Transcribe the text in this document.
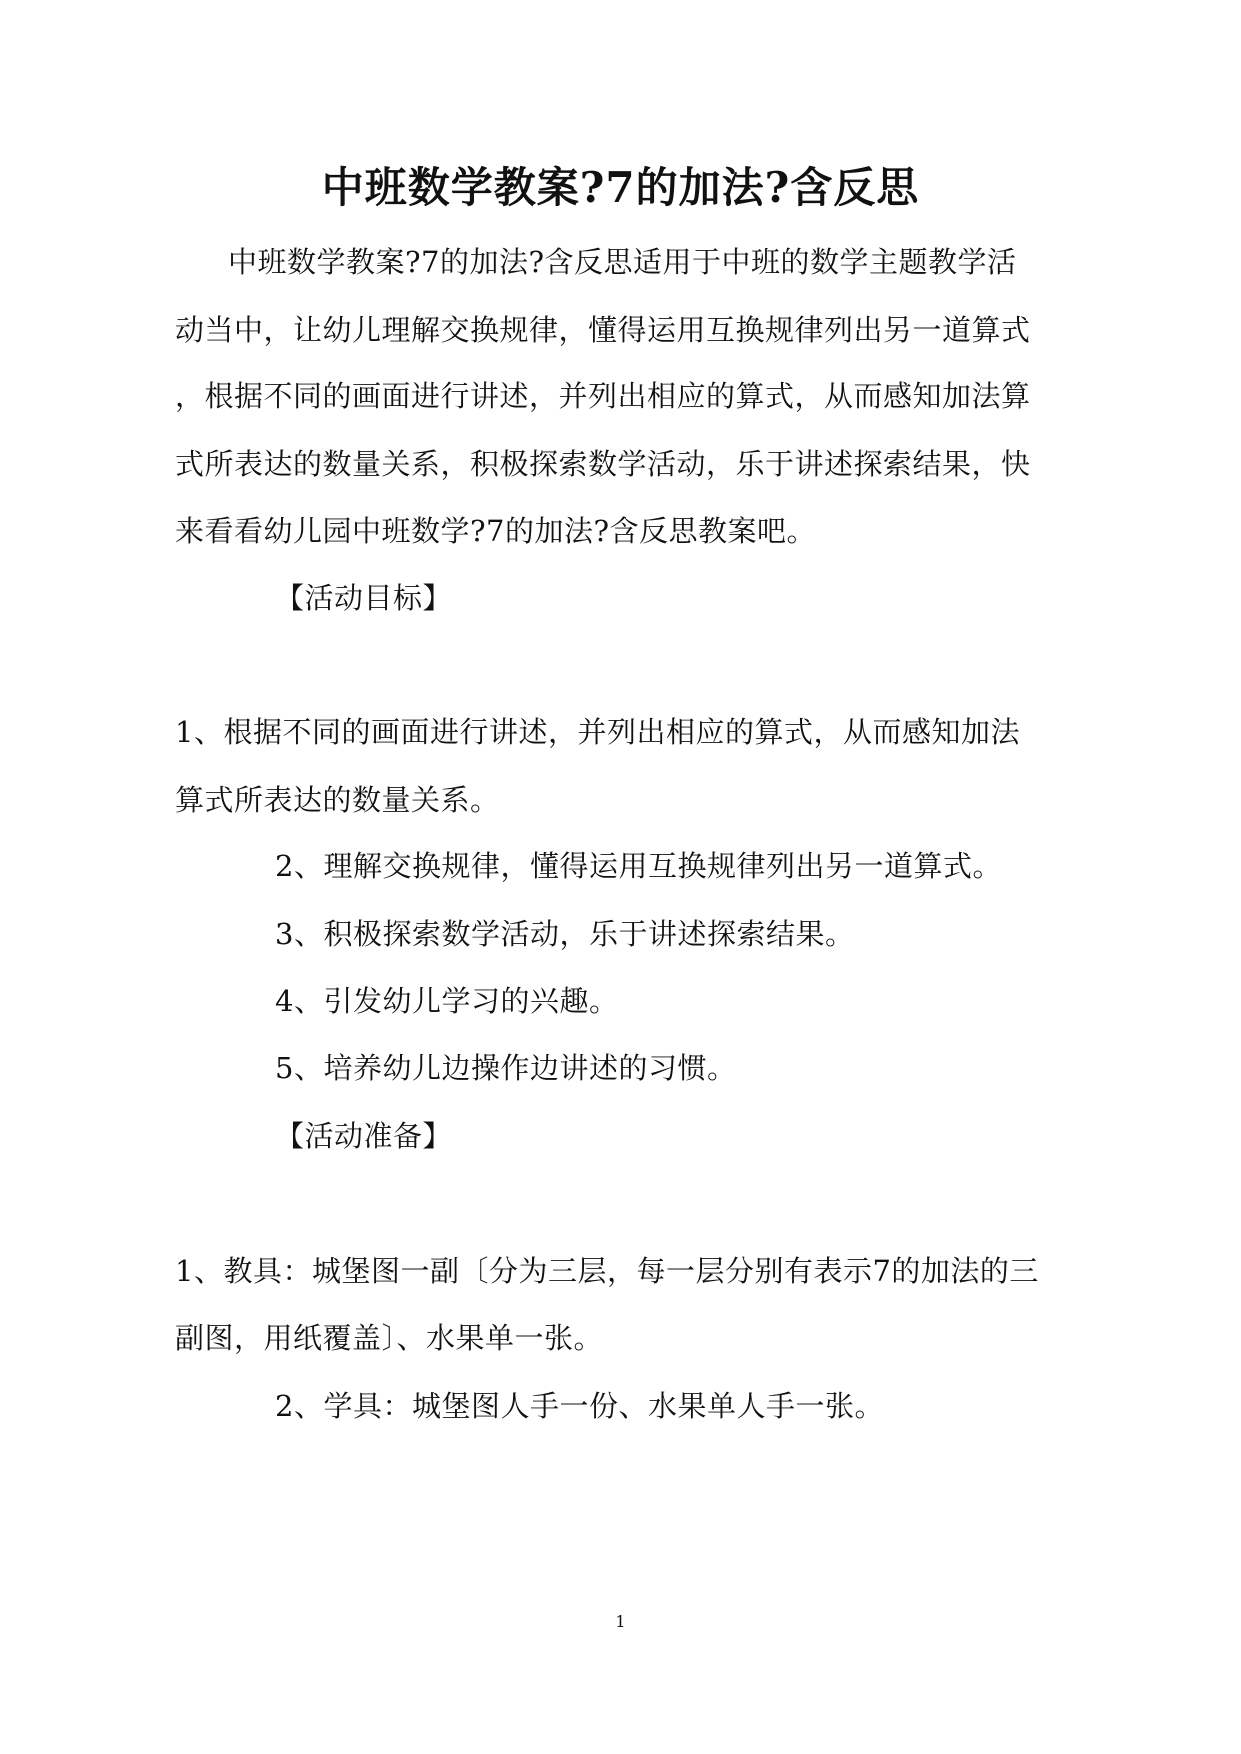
中班数学教案?7的加法?含反思
中班数学教案?7的加法?含反思适用于中班的数学主题教学活
动当中，让幼儿理解交换规律，懂得运用互换规律列出另一道算式
，根据不同的画面进行讲述，并列出相应的算式，从而感知加法算
式所表达的数量关系，积极探索数学活动，乐于讲述探索结果，快
来看看幼儿园中班数学?7的加法?含反思教案吧。
【活动目标】
1、根据不同的画面进行讲述，并列出相应的算式，从而感知加法
算式所表达的数量关系。
2、理解交换规律，懂得运用互换规律列出另一道算式。
3、积极探索数学活动，乐于讲述探索结果。
4、引发幼儿学习的兴趣。
5、培养幼儿边操作边讲述的习惯。
【活动准备】
1、教具：城堡图一副〔分为三层，每一层分别有表示7的加法的三
副图，用纸覆盖〕、水果单一张。
2、学具：城堡图人手一份、水果单人手一张。
1
